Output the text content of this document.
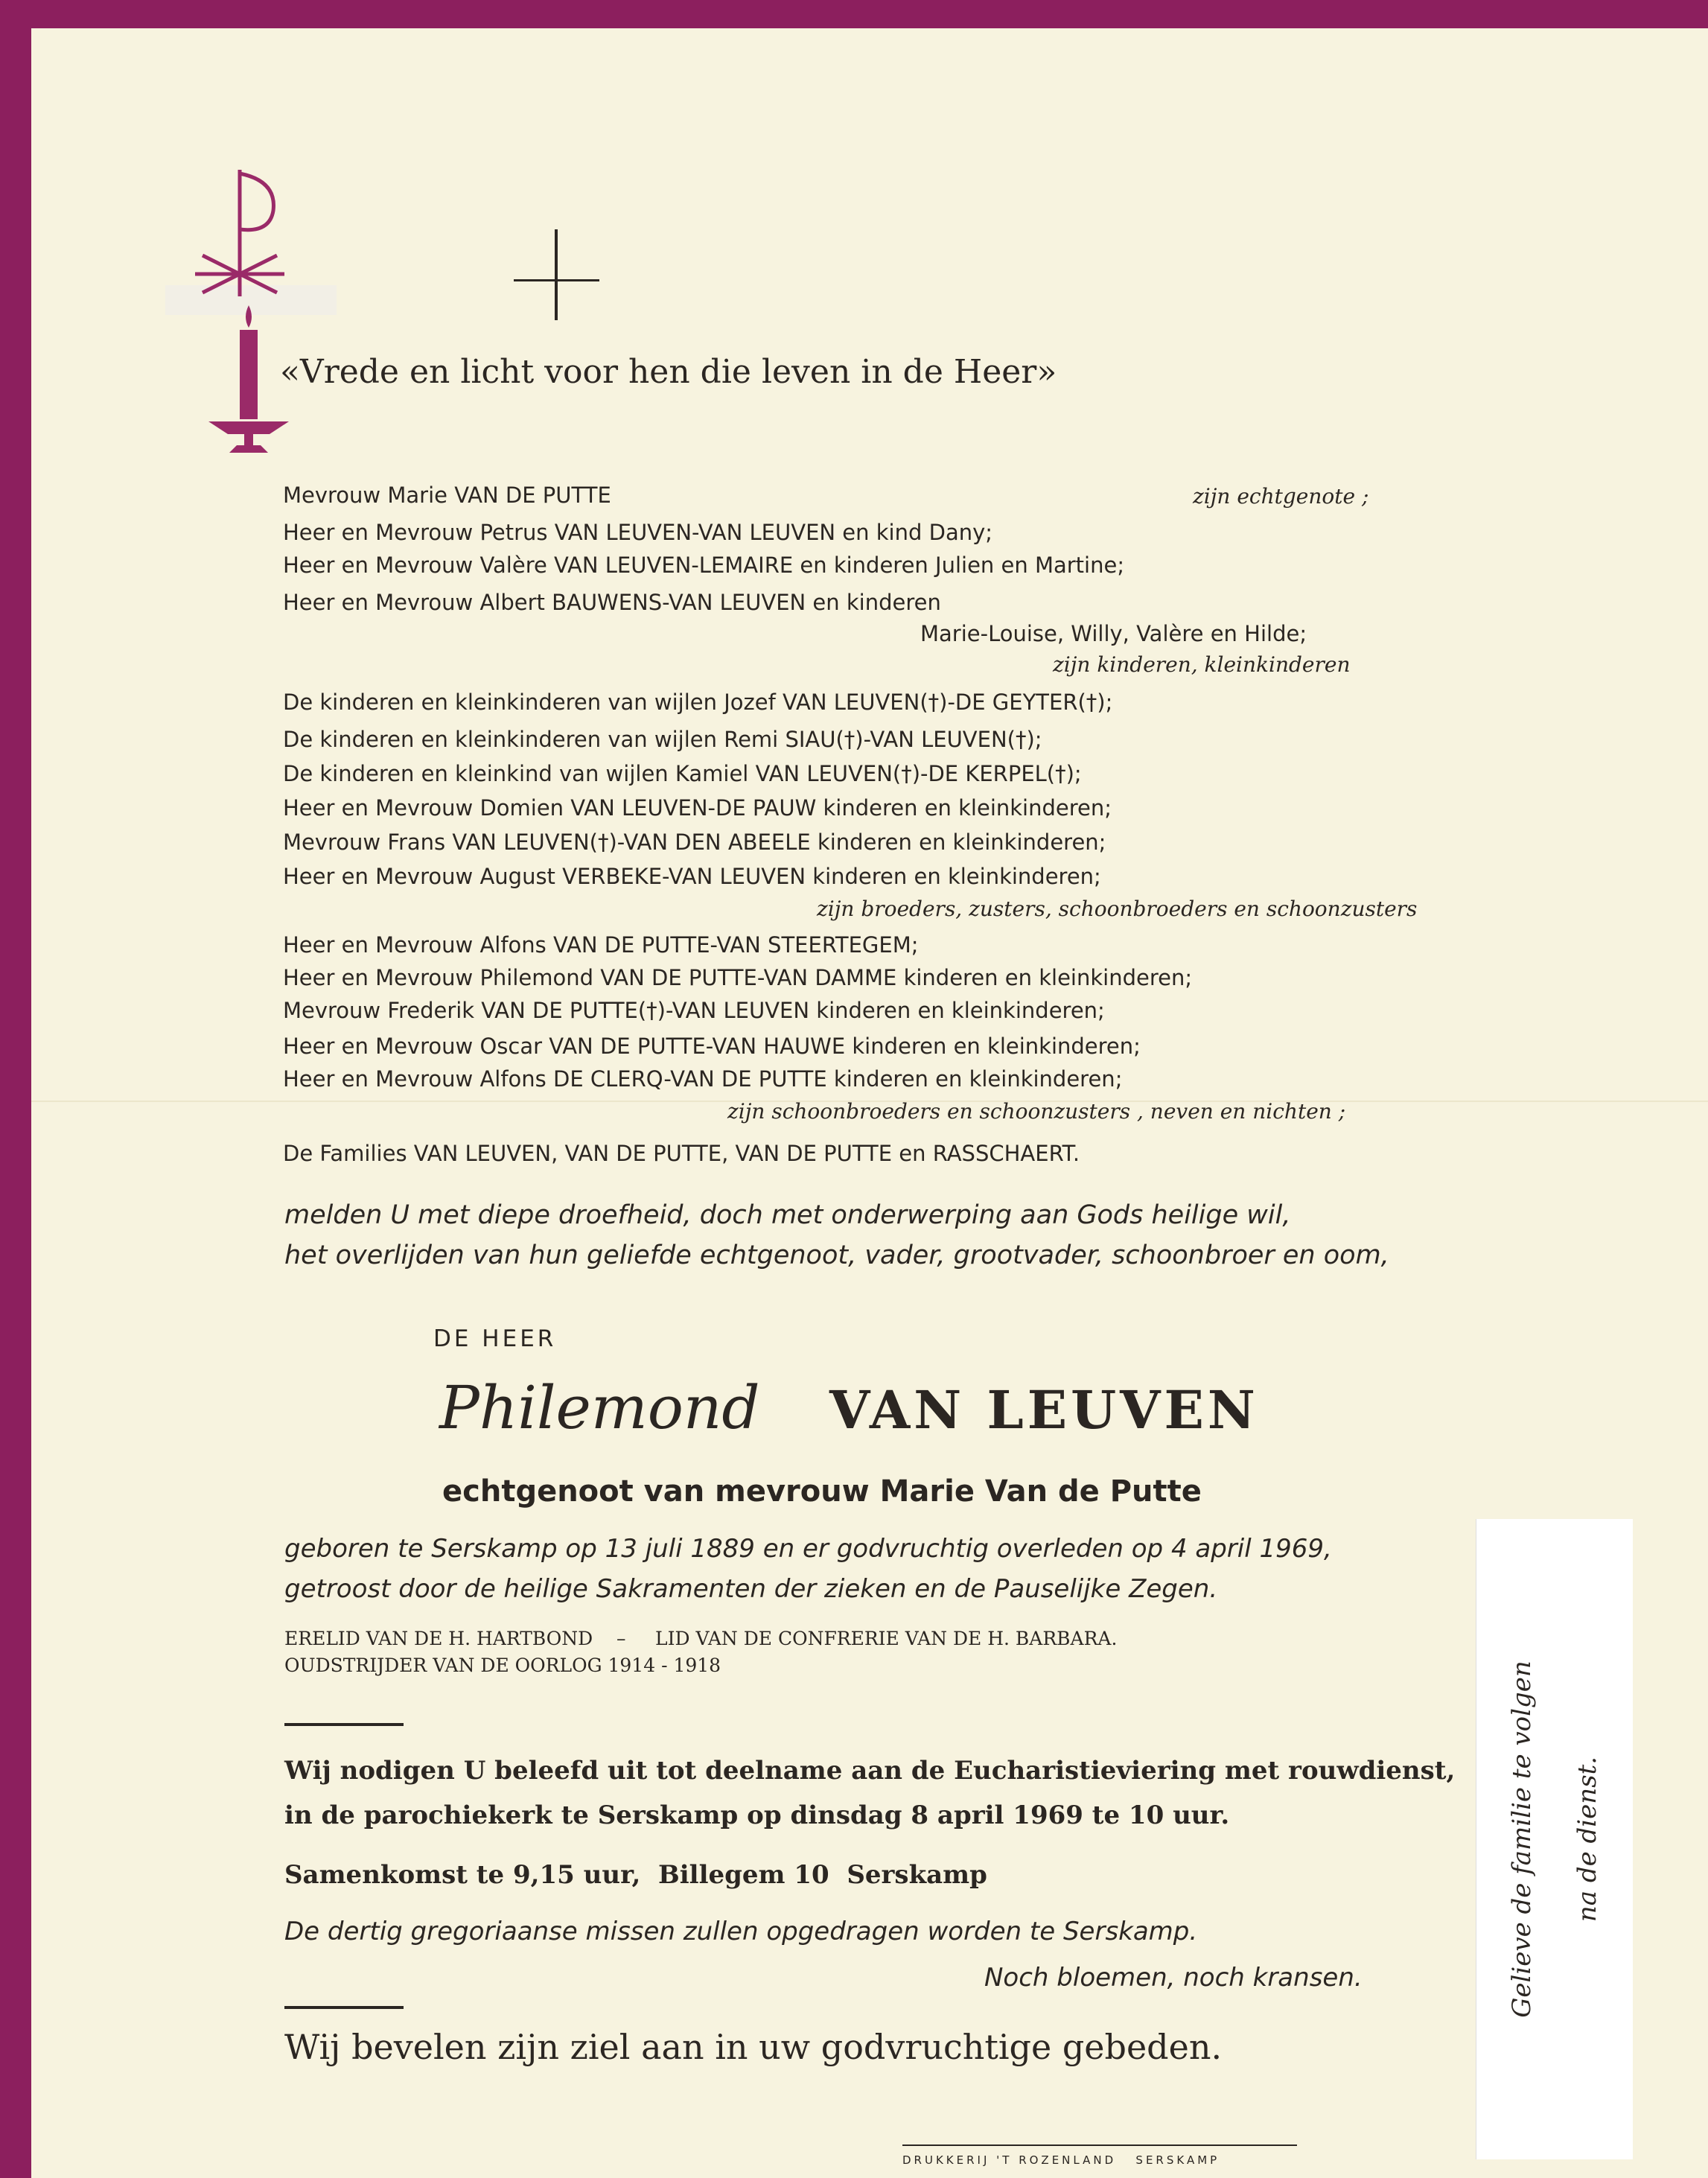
«Vrede en licht voor hen die leven in de Heer»
Mevrouw Marie VAN DE PUTTE	zijn echtgenote ;
Heer en Mevrouw Petrus VAN LEUVEN-VAN LEUVEN en kind Dany;
Heer en Mevrouw Valère VAN LEUVEN-LEMAIRE en kinderen Julien en Martine;
Heer en Mevrouw Albert BAUWENS-VAN LEUVEN en kinderen
Marie-Louise, Willy, Valère en Hilde;
zijn kinderen, kleinkinderen
De kinderen en kleinkinderen van wijlen Jozef VAN LEUVEN(†)-DE GEYTER(†);
De kinderen en kleinkinderen van wijlen Remi SIAU(†)-VAN LEUVEN(†);
De kinderen en kleinkind van wijlen Kamiel VAN LEUVEN(†)-DE KERPEL(†);
Heer en Mevrouw Domien VAN LEUVEN-DE PAUW kinderen en kleinkinderen;
Mevrouw Frans VAN LEUVEN(†)-VAN DEN ABEELE kinderen en kleinkinderen;
Heer en Mevrouw August VERBEKE-VAN LEUVEN kinderen en kleinkinderen;
zijn broeders, zusters, schoonbroeders en schoonzusters
Heer en Mevrouw Alfons VAN DE PUTTE-VAN STEERTEGEM;
Heer en Mevrouw Philemond VAN DE PUTTE-VAN DAMME kinderen en kleinkinderen;
Mevrouw Frederik VAN DE PUTTE(†)-VAN LEUVEN kinderen en kleinkinderen;
Heer en Mevrouw Oscar VAN DE PUTTE-VAN HAUWE kinderen en kleinkinderen;
Heer en Mevrouw Alfons DE CLERQ-VAN DE PUTTE kinderen en kleinkinderen;
zijn schoonbroeders en schoonzusters , neven en nichten ;
De Families VAN LEUVEN, VAN DE PUTTE, VAN DE PUTTE en RASSCHAERT.
melden U met diepe droefheid, doch met onderwerping aan Gods heilige wil,
het overlijden van hun geliefde echtgenoot, vader, grootvader, schoonbroer en oom,
DE HEER
Philemond VAN LEUVEN
echtgenoot van mevrouw Marie Van de Putte
geboren te Serskamp op 13 juli 1889 en er godvruchtig overleden op 4 april 1969,
getroost door de heilige Sakramenten der zieken en de Pauselijke Zegen.
ERELID VAN DE H. HARTBOND – LID VAN DE CONFRERIE VAN DE H. BARBARA.
OUDSTRIJDER VAN DE OORLOG 1914 - 1918
Wij nodigen U beleefd uit tot deelname aan de Eucharistieviering met rouwdienst,
in de parochiekerk te Serskamp op dinsdag 8 april 1969 te 10 uur.
Samenkomst te 9,15 uur,  Billegem 10  Serskamp
De dertig gregoriaanse missen zullen opgedragen worden te Serskamp.
Noch bloemen, noch kransen.
Wij bevelen zijn ziel aan in uw godvruchtige gebeden.
DRUKKERIJ 'T ROZENLAND   SERSKAMP
Gelieve de familie te volgen	na de dienst.
